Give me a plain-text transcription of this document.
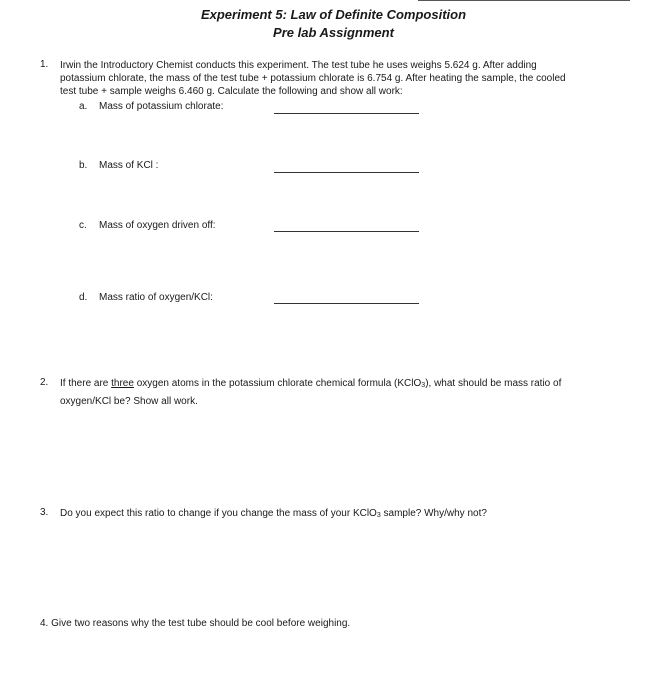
Experiment 5: Law of Definite Composition
Pre lab Assignment
1. Irwin the Introductory Chemist conducts this experiment. The test tube he uses weighs 5.624 g. After adding
potassium chlorate, the mass of the test tube + potassium chlorate is 6.754 g. After heating the sample, the cooled
test tube + sample weighs 6.460 g. Calculate the following and show all work:
a. Mass of potassium chlorate:
b. Mass of KCl :
c. Mass of oxygen driven off:
d. Mass ratio of oxygen/KCl:
2. If there are three oxygen atoms in the potassium chlorate chemical formula (KClO$_3$), what should be mass ratio of
oxygen/KCl be? Show all work.
3. Do you expect this ratio to change if you change the mass of your KClO$_3$ sample? Why/why not?
4. Give two reasons why the test tube should be cool before weighing.
